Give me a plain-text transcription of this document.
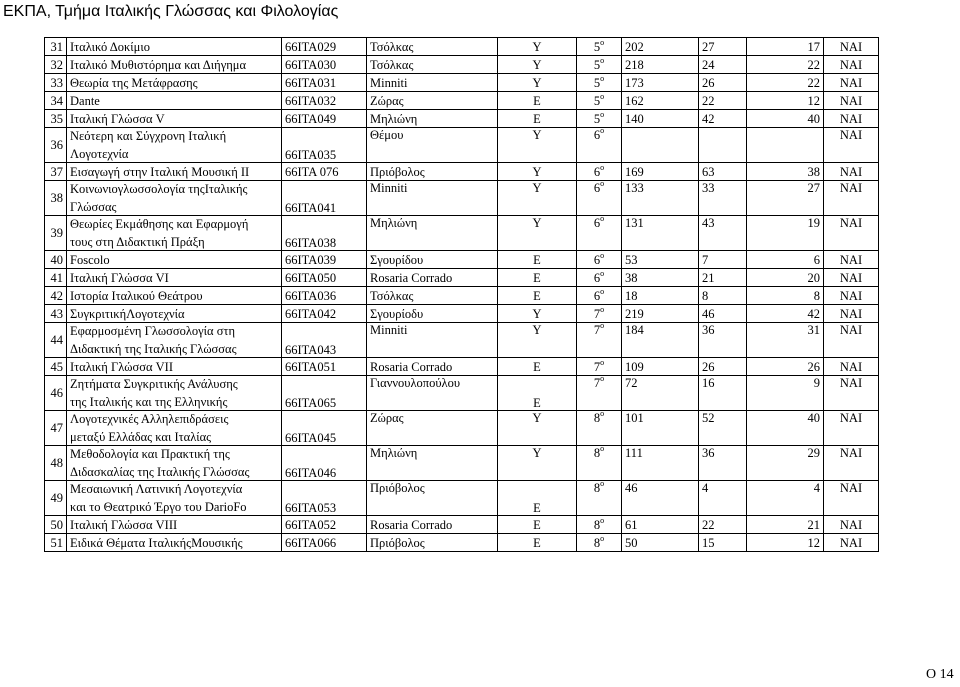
ΕΚΠΑ, Τμήμα Ιταλικής Γλώσσας και Φιλολογίας
31	Ιταλικό Δοκίμιο	66ΙΤΑ029	Τσόλκας	Υ	$5^o$	202	27	17	ΝΑΙ
32	Ιταλικό Μυθιστόρημα και Διήγημα	66ΙΤΑ030	Τσόλκας	Υ	$5^o$	218	24	22	ΝΑΙ
33	Θεωρία της Μετάφρασης	66ΙΤΑ031	Minniti	Υ	$5^o$	173	26	22	ΝΑΙ
34	Dante	66ΙΤΑ032	Ζώρας	Ε	$5^o$	162	22	12	ΝΑΙ
35	Ιταλική Γλώσσα V	66ΙΤΑ049	Μηλιώνη	Ε	$5^o$	140	42	40	ΝΑΙ
36	Νεότερη και Σύγχρονη Ιταλική
Λογοτεχνία	66ΙΤΑ035	Θέμου	Υ	$6^o$				ΝΑΙ
37	Εισαγωγή στην Ιταλική Μουσική ΙΙ	66ΙΤΑ 076	Πριόβολος	Υ	$6^o$	169	63	38	ΝΑΙ
38	Κοινωνιογλωσσολογία τηςΙταλικής
Γλώσσας	66ΙΤΑ041	Minniti	Υ	$6^o$	133	33	27	ΝΑΙ
39	Θεωρίες Εκμάθησης και Εφαρμογή
τους στη Διδακτική Πράξη	66ΙΤΑ038	Μηλιώνη	Υ	$6^o$	131	43	19	ΝΑΙ
40	Foscolo	66ΙΤΑ039	Σγουρίδου	Ε	$6^o$	53	7	6	ΝΑΙ
41	Ιταλική Γλώσσα VI	66ΙΤΑ050	Rosaria Corrado	Ε	$6^o$	38	21	20	ΝΑΙ
42	Ιστορία Ιταλικού Θεάτρου	66ΙΤΑ036	Τσόλκας	Ε	$6^o$	18	8	8	ΝΑΙ
43	ΣυγκριτικήΛογοτεχνία	66ΙΤΑ042	Σγουρίοδυ	Υ	$7^o$	219	46	42	ΝΑΙ
44	Εφαρμοσμένη Γλωσσολογία στη
Διδακτική της Ιταλικής Γλώσσας	66ΙΤΑ043	Minniti	Υ	$7^o$	184	36	31	ΝΑΙ
45	Ιταλική Γλώσσα VII	66ΙΤΑ051	Rosaria Corrado	Ε	$7^o$	109	26	26	ΝΑΙ
46	Ζητήματα Συγκριτικής Ανάλυσης
της Ιταλικής και της Ελληνικής	66ΙΤΑ065	Γιαννουλοπούλου	Ε	$7^o$	72	16	9	ΝΑΙ
47	Λογοτεχνικές Αλληλεπιδράσεις
μεταξύ Ελλάδας και Ιταλίας	66ΙΤΑ045	Ζώρας	Υ	$8^o$	101	52	40	ΝΑΙ
48	Μεθοδολογία και Πρακτική της
Διδασκαλίας της Ιταλικής Γλώσσας	66ΙΤΑ046	Μηλιώνη	Υ	$8^o$	111	36	29	ΝΑΙ
49	Μεσαιωνική Λατινική Λογοτεχνία
και το Θεατρικό Έργο του DarioFo	66ΙΤΑ053	Πριόβολος	Ε	$8^o$	46	4	4	ΝΑΙ
50	Ιταλική Γλώσσα VIII	66ΙΤΑ052	Rosaria Corrado	Ε	$8^o$	61	22	21	ΝΑΙ
51	Ειδικά Θέματα ΙταλικήςΜουσικής	66ΙΤΑ066	Πριόβολος	Ε	$8^o$	50	15	12	ΝΑΙ
Ο 14
